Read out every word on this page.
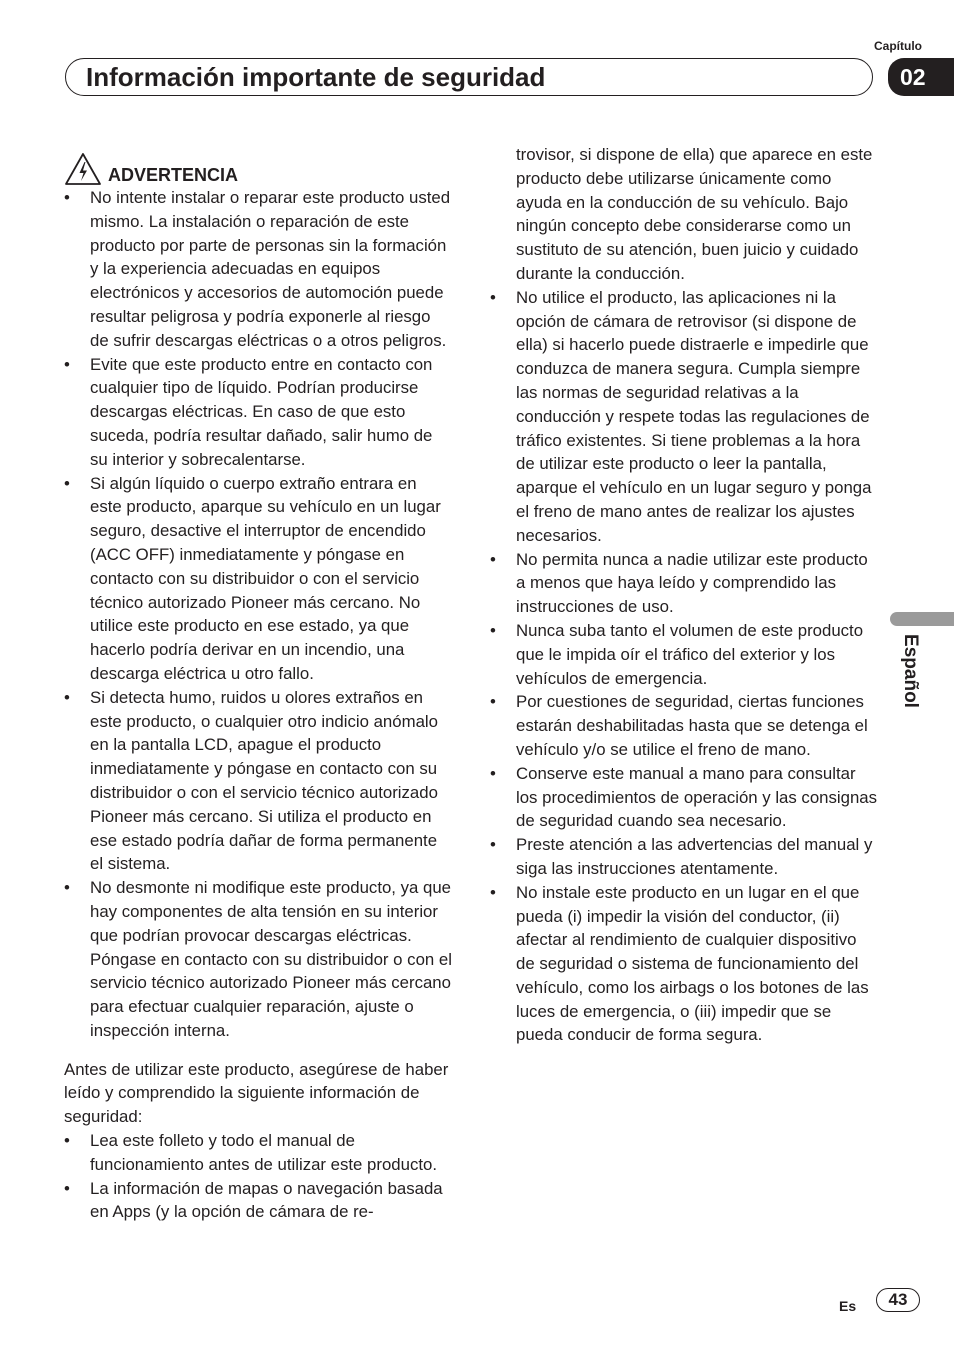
Capítulo
Información importante de seguridad	02
Español
ADVERTENCIA
• No intente instalar o reparar este producto usted mismo. La instalación o reparación de este producto por parte de personas sin la formación y la experiencia adecuadas en equipos electrónicos y accesorios de automoción puede resultar peligrosa y podría exponerle al riesgo de sufrir descargas eléctricas o a otros peligros.
• Evite que este producto entre en contacto con cualquier tipo de líquido. Podrían producirse descargas eléctricas. En caso de que esto suceda, podría resultar dañado, salir humo de su interior y sobrecalentarse.
• Si algún líquido o cuerpo extraño entrara en este producto, aparque su vehículo en un lugar seguro, desactive el interruptor de encendido (ACC OFF) inmediatamente y póngase en contacto con su distribuidor o con el servicio técnico autorizado Pioneer más cercano. No utilice este producto en ese estado, ya que hacerlo podría derivar en un incendio, una descarga eléctrica u otro fallo.
• Si detecta humo, ruidos u olores extraños en este producto, o cualquier otro indicio anómalo en la pantalla LCD, apague el producto inmediatamente y póngase en contacto con su distribuidor o con el servicio técnico autorizado Pioneer más cercano. Si utiliza el producto en ese estado podría dañar de forma permanente el sistema.
• No desmonte ni modifique este producto, ya que hay componentes de alta tensión en su interior que podrían provocar descargas eléctricas. Póngase en contacto con su distribuidor o con el servicio técnico autorizado Pioneer más cercano para efectuar cualquier reparación, ajuste o inspección interna.

Antes de utilizar este producto, asegúrese de haber leído y comprendido la siguiente información de seguridad:

• Lea este folleto y todo el manual de funcionamiento antes de utilizar este producto.
• La información de mapas o navegación basada en Apps (y la opción de cámara de re-
trovisor, si dispone de ella) que aparece en este producto debe utilizarse únicamente como ayuda en la conducción de su vehículo. Bajo ningún concepto debe considerarse como un sustituto de su atención, buen juicio y cuidado durante la conducción.
• No utilice el producto, las aplicaciones ni la opción de cámara de retrovisor (si dispone de ella) si hacerlo puede distraerle e impedirle que conduzca de manera segura. Cumpla siempre las normas de seguridad relativas a la conducción y respete todas las regulaciones de tráfico existentes. Si tiene problemas a la hora de utilizar este producto o leer la pantalla, aparque el vehículo en un lugar seguro y ponga el freno de mano antes de realizar los ajustes necesarios.
• No permita nunca a nadie utilizar este producto a menos que haya leído y comprendido las instrucciones de uso.
• Nunca suba tanto el volumen de este producto que le impida oír el tráfico del exterior y los vehículos de emergencia.
• Por cuestiones de seguridad, ciertas funciones estarán deshabilitadas hasta que se detenga el vehículo y/o se utilice el freno de mano.
• Conserve este manual a mano para consultar los procedimientos de operación y las consignas de seguridad cuando sea necesario.
• Preste atención a las advertencias del manual y siga las instrucciones atentamente.
• No instale este producto en un lugar en el que pueda (i) impedir la visión del conductor, (ii) afectar al rendimiento de cualquier dispositivo de seguridad o sistema de funcionamiento del vehículo, como los airbags o los botones de las luces de emergencia, o (iii) impedir que se pueda conducir de forma segura.
Es	43
